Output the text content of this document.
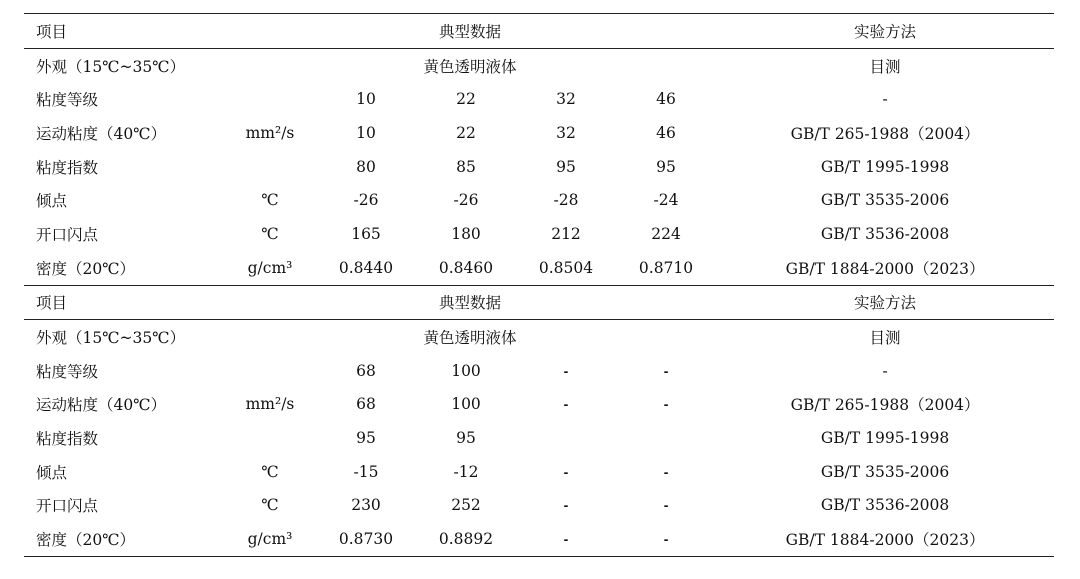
项目	典型数据					实验方法
外观（15℃~35℃）	黄色透明液体					目测
粘度等级		10	22	32	46	-
运动粘度（40℃）	mm²/s	10	22	32	46	GB/T 265-1988（2004）
粘度指数		80	85	95	95	GB/T 1995-1998
倾点	℃	-26	-26	-28	-24	GB/T 3535-2006
开口闪点	℃	165	180	212	224	GB/T 3536-2008
密度（20℃）	g/cm³	0.8440	0.8460	0.8504	0.8710	GB/T 1884-2000（2023）
项目	典型数据					实验方法
外观（15℃~35℃）	黄色透明液体					目测
粘度等级		68	100	-	-	-
运动粘度（40℃）	mm²/s	68	100	-	-	GB/T 265-1988（2004）
粘度指数		95	95			GB/T 1995-1998
倾点	℃	-15	-12	-	-	GB/T 3535-2006
开口闪点	℃	230	252	-	-	GB/T 3536-2008
密度（20℃）	g/cm³	0.8730	0.8892	-	-	GB/T 1884-2000（2023）
